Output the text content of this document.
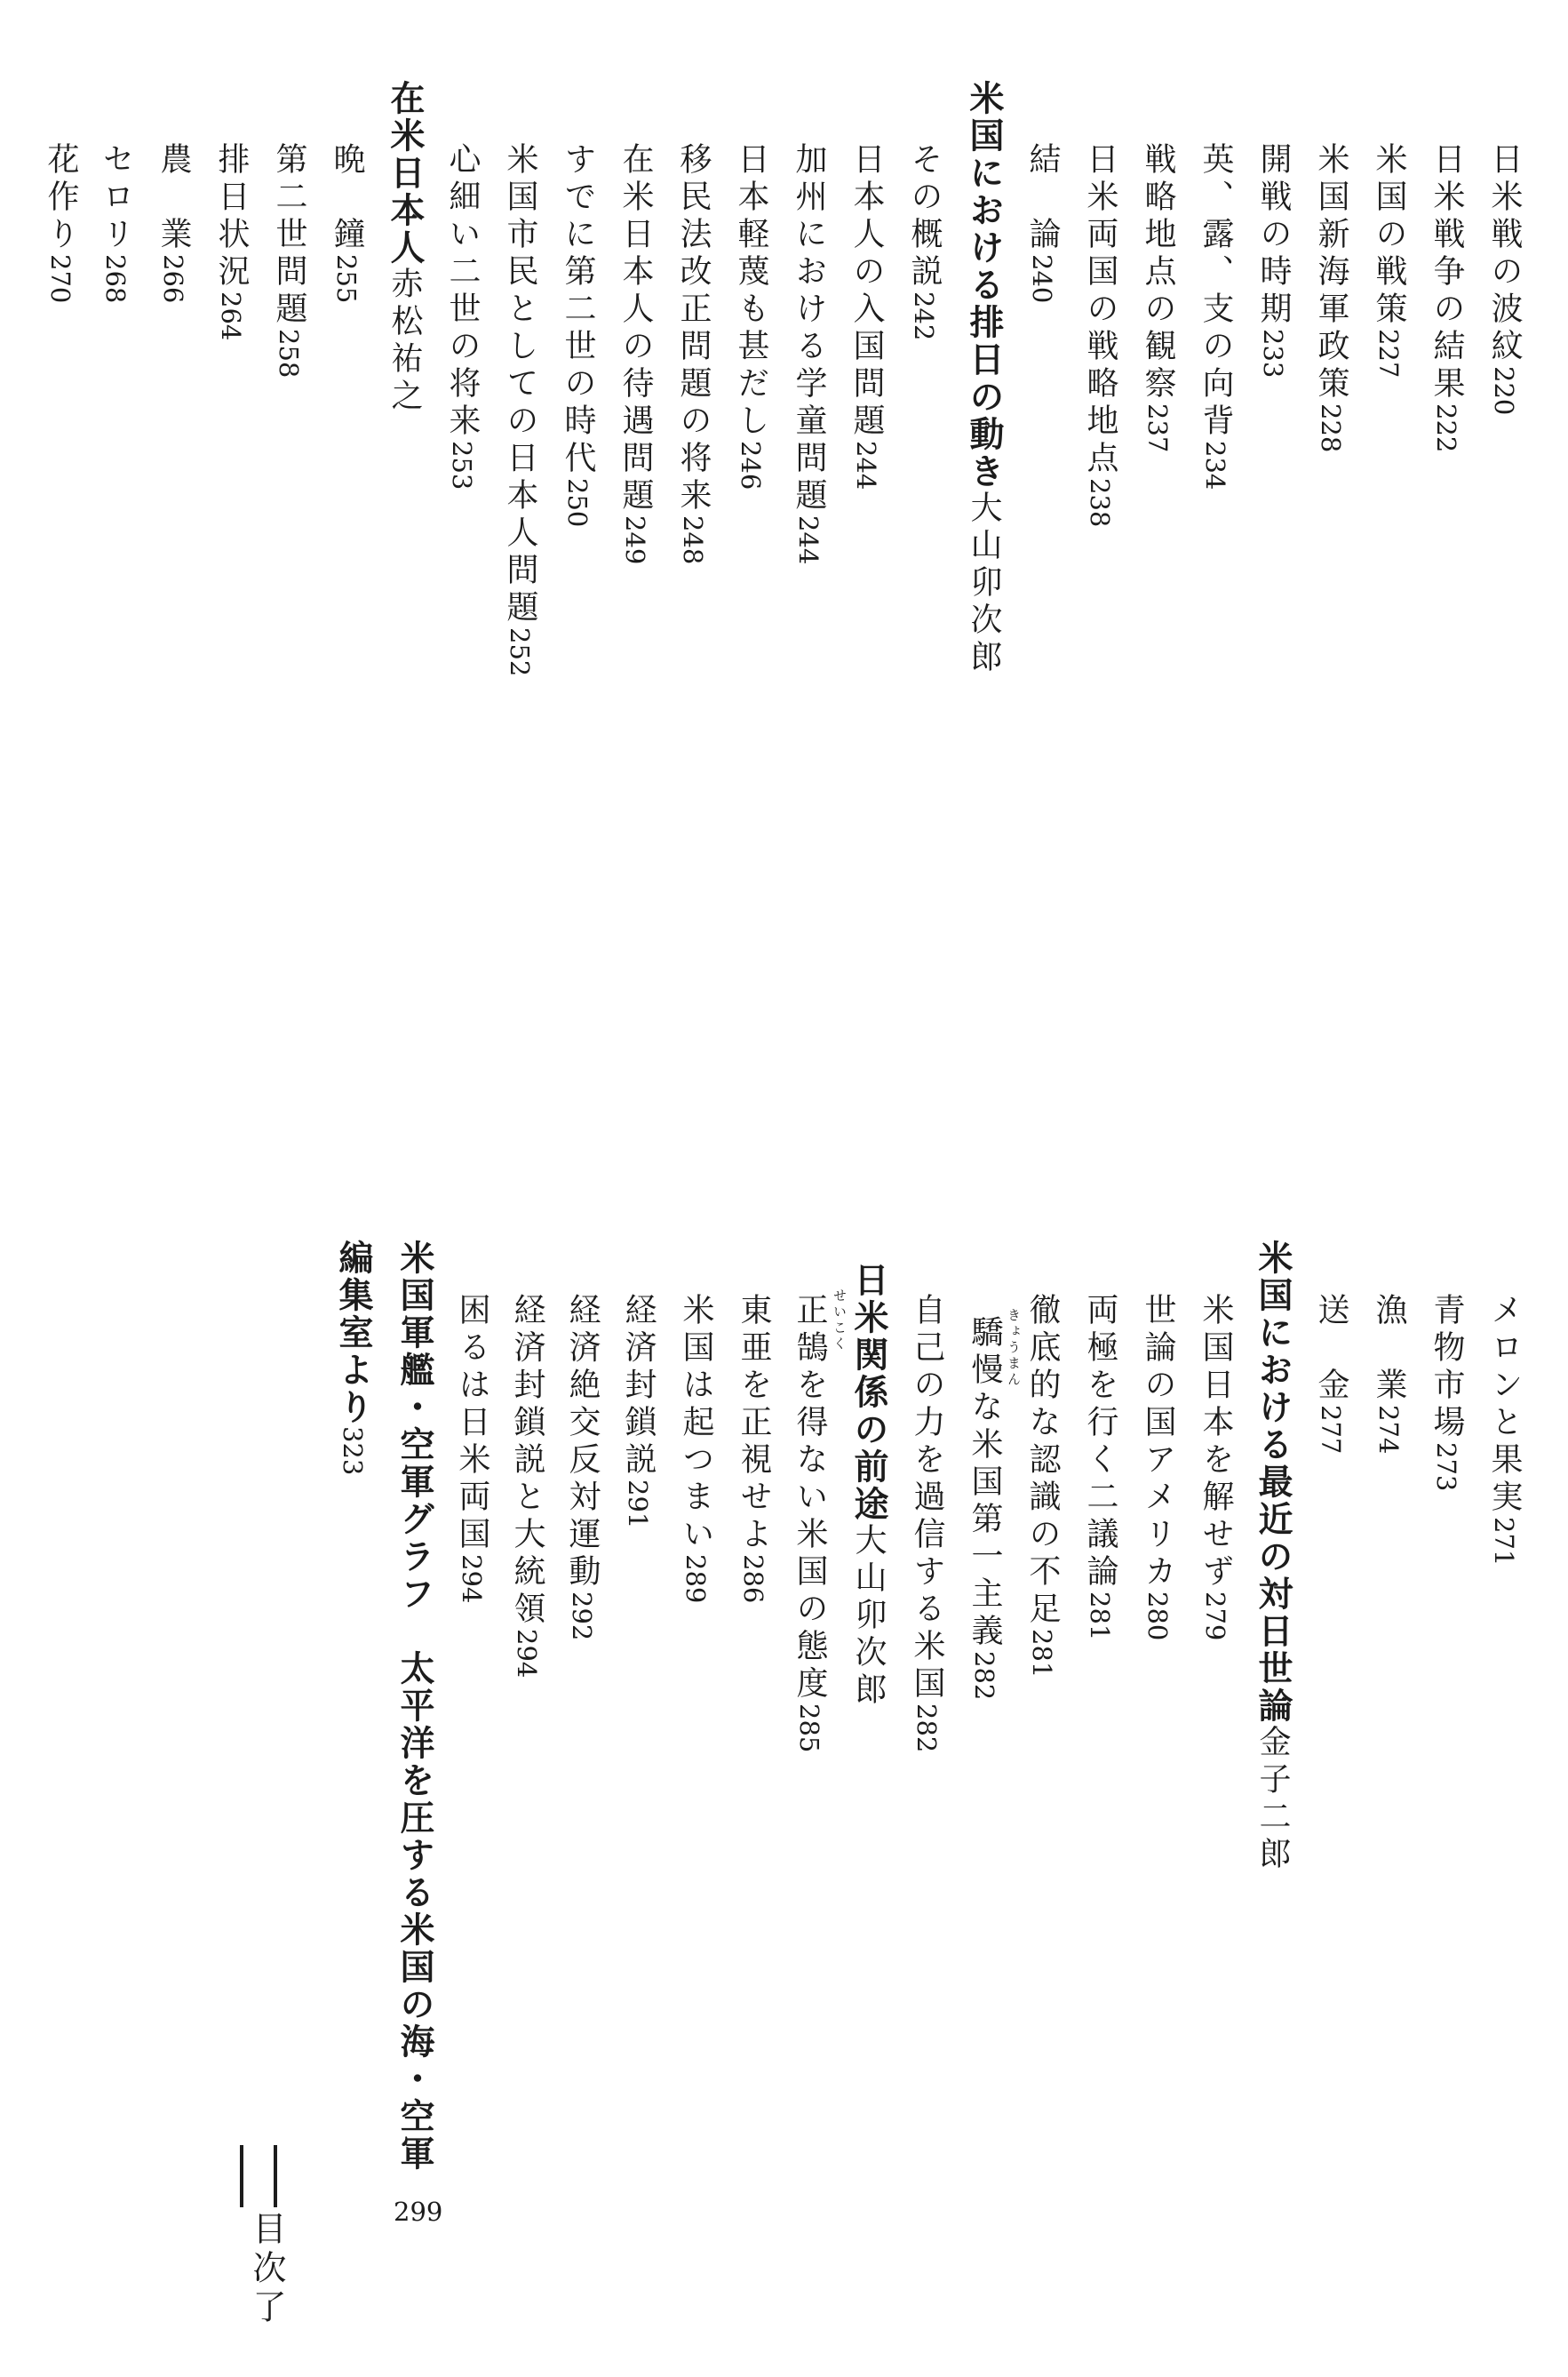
日米戦の波紋220
日米戦争の結果222
米国の戦策227
米国新海軍政策228
開戦の時期233
英、露、支の向背234
戦略地点の観察237
日米両国の戦略地点238
結　論240
米国における排日の動き大山卯次郎
その概説242
日本人の入国問題244
加州における学童問題244
日本軽蔑も甚だし246
移民法改正問題の将来248
在米日本人の待遇問題249
すでに第二世の時代250
米国市民としての日本人問題252
心細い二世の将来253
在米日本人赤松祐之
晩　鐘255
第二世問題258
排日状況264
農　業266
セロリ268
花作り270
メロンと果実271
青物市場273
漁　業274
送　金277
米国における最近の対日世論金子二郎
米国日本を解せず279
世論の国アメリカ280
両極を行く二議論281
徹底的な認識の不足281
きょうまん
驕慢な米国第一主義282
自己の力を過信する米国282
日米関係の前途大山卯次郎
せいこく
正鵠を得ない米国の態度285
東亜を正視せよ286
米国は起つまい289
経済封鎖説291
経済絶交反対運動292
経済封鎖説と大統領294
困るは日米両国294
米国軍艦・空軍グラフ　太平洋を圧する米国の海・空軍
299
編集室より323
目次了
